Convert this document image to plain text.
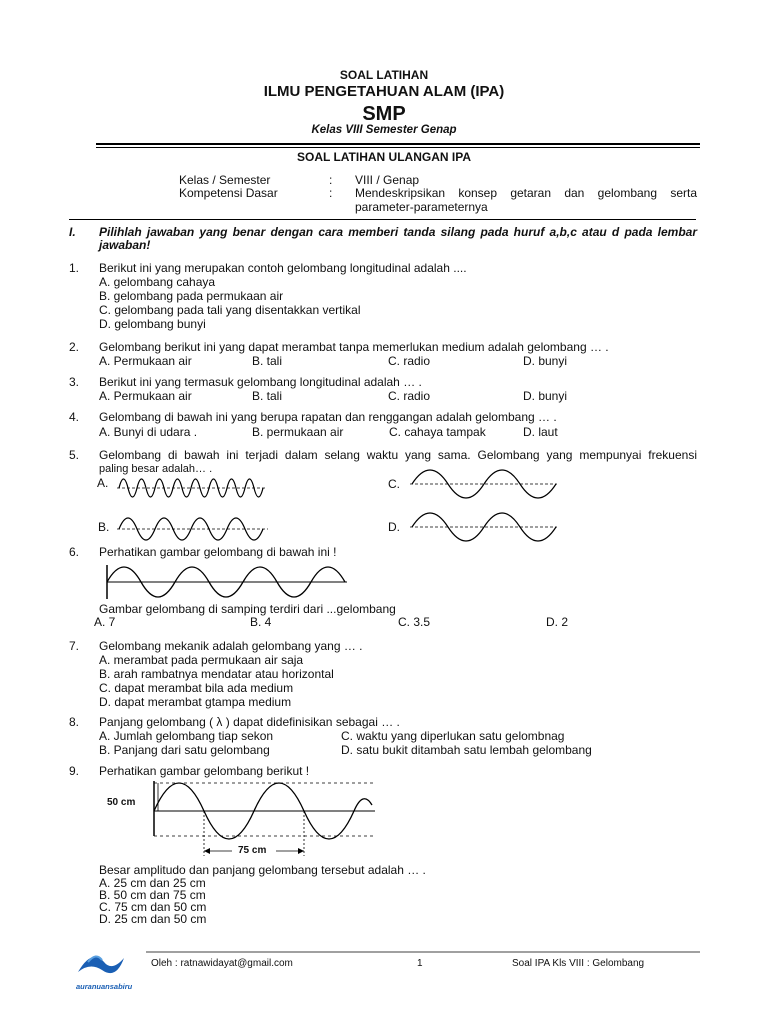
SOAL LATIHAN
ILMU PENGETAHUAN ALAM (IPA)
SMP
Kelas VIII Semester Genap
SOAL LATIHAN ULANGAN IPA
Kelas / Semester	: VIII / Genap
Kompetensi Dasar	: Mendeskripsikan konsep getaran dan gelombang serta
parameter-parameternya
I. Pilihlah jawaban yang benar dengan cara memberi tanda silang pada huruf a,b,c atau d pada lembar
jawaban!
1. Berikut ini yang merupakan contoh gelombang longitudinal adalah ....
A. gelombang cahaya
B. gelombang pada permukaan air
C. gelombang pada tali yang disentakkan vertikal
D. gelombang bunyi
2. Gelombang berikut ini yang dapat merambat tanpa memerlukan medium adalah gelombang … .
A. Permukaan air	B. tali	C. radio	D. bunyi
3. Berikut ini yang termasuk gelombang longitudinal adalah … .
A. Permukaan air	B. tali	C. radio	D. bunyi
4. Gelombang di bawah ini yang berupa rapatan dan renggangan adalah gelombang … .
A. Bunyi di udara .	B. permukaan air	C. cahaya tampak	D. laut
5. Gelombang di bawah ini terjadi dalam selang waktu yang sama. Gelombang yang mempunyai frekuensi
paling besar adalah… .
A.	C.
B.	D.
6. Perhatikan gambar gelombang di bawah ini !
Gambar gelombang di samping terdiri dari ...gelombang
A. 7	B. 4	C. 3.5	D. 2
7. Gelombang mekanik adalah gelombang yang … .
A. merambat pada permukaan air saja
B. arah rambatnya mendatar atau horizontal
C. dapat merambat bila ada medium
D. dapat merambat gtampa medium
8. Panjang gelombang ( λ ) dapat didefinisikan sebagai … .
A. Jumlah gelombang tiap sekon	C. waktu yang diperlukan satu gelombnag
B. Panjang dari satu gelombang	D. satu bukit ditambah satu lembah gelombang
9. Perhatikan gambar gelombang berikut !
50 cm
75 cm
Besar amplitudo dan panjang gelombang tersebut adalah … .
A. 25 cm dan 25 cm
B. 50 cm dan 75 cm
C. 75 cm dan 50 cm
D. 25 cm dan 50 cm
Oleh : ratnawidayat@gmail.com	1	Soal IPA Kls VIII : Gelombang
auranuansabiru
